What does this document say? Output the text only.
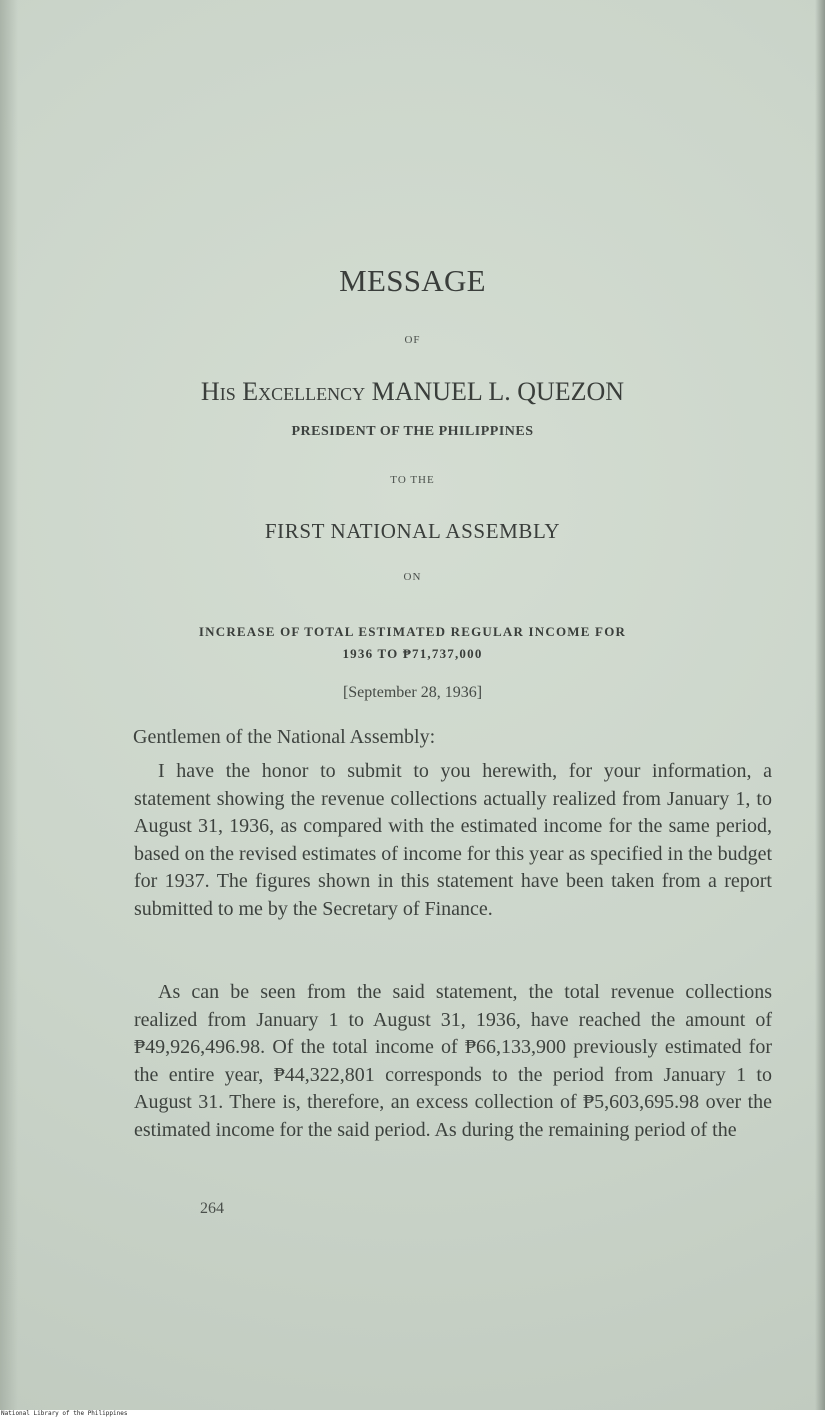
MESSAGE
OF
His Excellency MANUEL L. QUEZON
PRESIDENT OF THE PHILIPPINES
TO THE
FIRST NATIONAL ASSEMBLY
ON
INCREASE OF TOTAL ESTIMATED REGULAR INCOME FOR
1936 TO ₱71,737,000
[September 28, 1936]
Gentlemen of the National Assembly:

I have the honor to submit to you herewith, for your information, a statement showing the revenue collections actually realized from January 1, to August 31, 1936, as compared with the estimated income for the same period, based on the revised estimates of income for this year as specified in the budget for 1937. The figures shown in this statement have been taken from a report submitted to me by the Secretary of Finance.

As can be seen from the said statement, the total revenue collections realized from January 1 to August 31, 1936, have reached the amount of ₱49,926,496.98. Of the total income of ₱66,133,900 previously estimated for the entire year, ₱44,322,801 corresponds to the period from January 1 to August 31. There is, therefore, an excess collection of ₱5,603,695.98 over the estimated income for the said period. As during the remaining period of the

264
National Library of the Philippines
